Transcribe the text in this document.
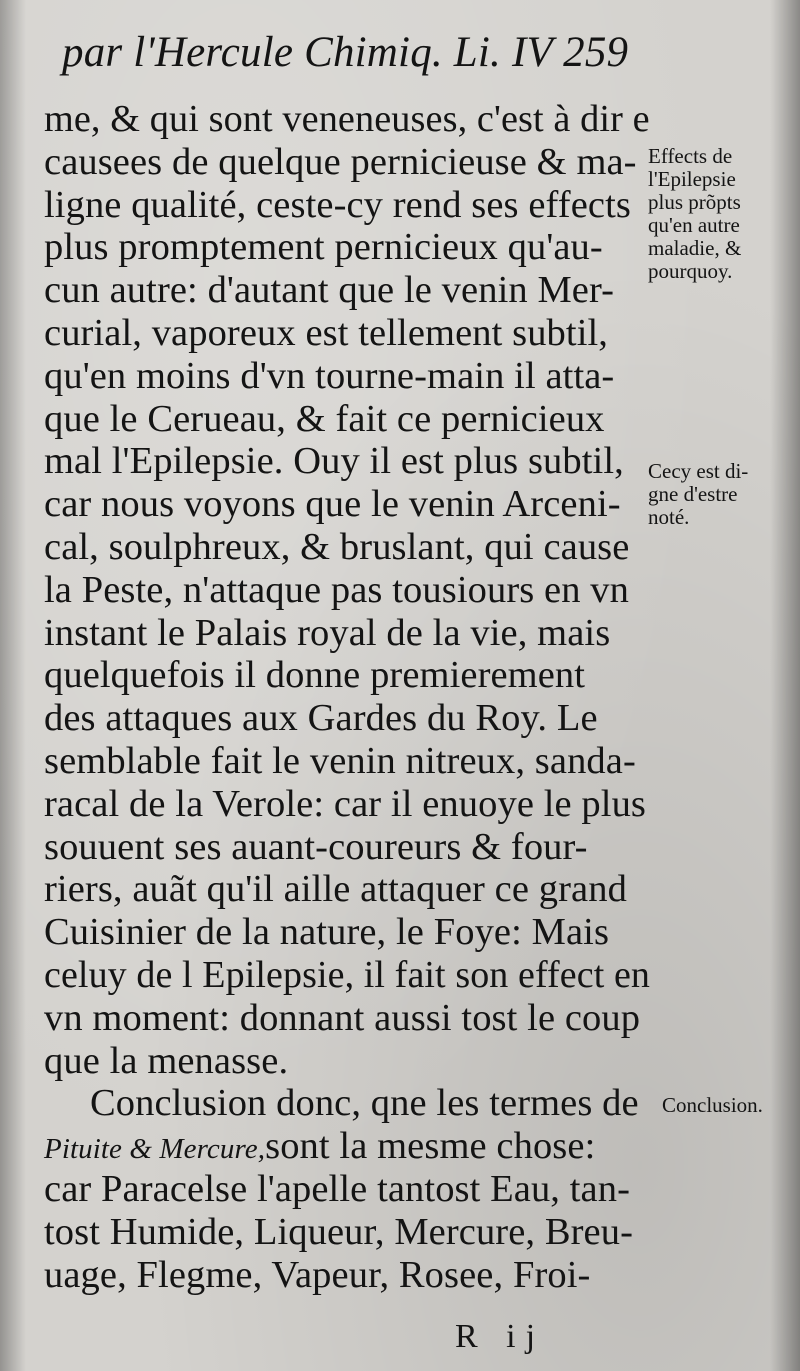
par l'Hercule Chimiq. Li. IV 259
me, & qui sont veneneuses, c'est à dir e
causees de quelque pernicieuse & ma-
ligne qualité, ceste-cy rend ses effects
plus promptement pernicieux qu'au-
cun autre: d'autant que le venin Mer-
curial, vaporeux est tellement subtil,
qu'en moins d'vn tourne-main il atta-
que le Cerueau, & fait ce pernicieux
mal l'Epilepsie. Ouy il est plus subtil,
car nous voyons que le venin Arceni-
cal, soulphreux, & bruslant, qui cause
la Peste, n'attaque pas tousiours en vn
instant le Palais royal de la vie, mais
quelquefois il donne premierement
des attaques aux Gardes du Roy. Le
semblable fait le venin nitreux, sanda-
racal de la Verole: car il enuoye le plus
souuent ses auant-coureurs & four-
riers, auãt qu'il aille attaquer ce grand
Cuisinier de la nature, le Foye: Mais
celuy de l Epilepsie, il fait son effect en
vn moment: donnant aussi tost le coup
que la menasse.
Conclusion donc, qne les termes de
Pituite & Mercure,sont la mesme chose:
car Paracelse l'apelle tantost Eau, tan-
tost Humide, Liqueur, Mercure, Breu-
uage, Flegme, Vapeur, Rosee, Froi-
Effects de
l'Epilepsie
plus prõpts
qu'en autre
maladie, &
pourquoy.
Cecy est di-
gne d'estre
noté.
Conclusion.
R ij
